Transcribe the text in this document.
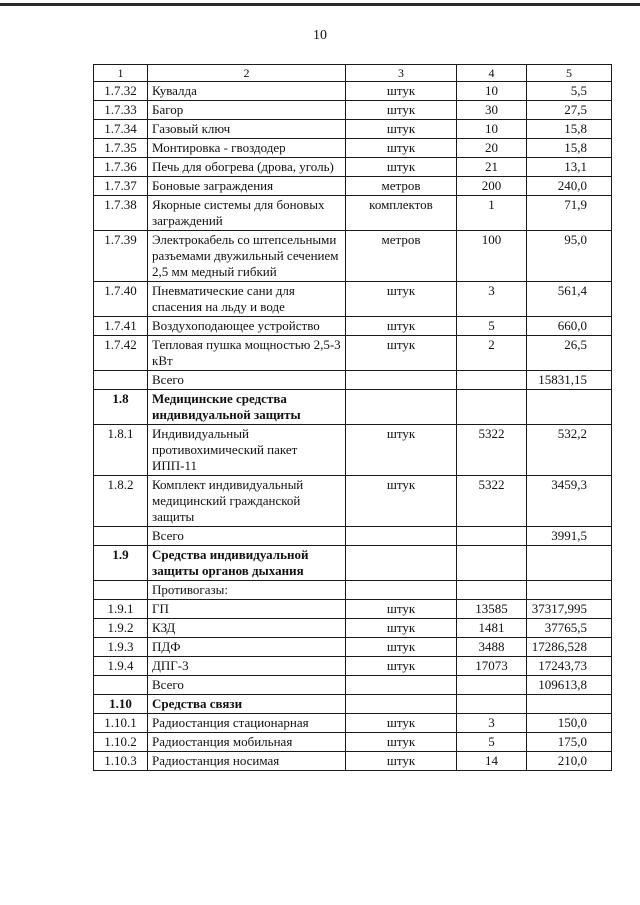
10
1	2	3	4	5
1.7.32	Кувалда	штук	10	5,5
1.7.33	Багор	штук	30	27,5
1.7.34	Газовый ключ	штук	10	15,8
1.7.35	Монтировка - гвоздодер	штук	20	15,8
1.7.36	Печь для обогрева (дрова, уголь)	штук	21	13,1
1.7.37	Боновые заграждения	метров	200	240,0
1.7.38	Якорные системы для боновых заграждений	комплектов	1	71,9
1.7.39	Электрокабель со штепсельными разъемами двужильный сечением 2,5 мм медный гибкий	метров	100	95,0
1.7.40	Пневматические сани для спасения на льду и воде	штук	3	561,4
1.7.41	Воздухоподающее устройство	штук	5	660,0
1.7.42	Тепловая пушка мощностью 2,5-3 кВт	штук	2	26,5
	Всего			15831,15
1.8	Медицинские средства индивидуальной защиты			
1.8.1	Индивидуальный противохимический пакет ИПП-11	штук	5322	532,2
1.8.2	Комплект индивидуальный медицинский гражданской защиты	штук	5322	3459,3
	Всего			3991,5
1.9	Средства индивидуальной защиты органов дыхания			
	Противогазы:			
1.9.1	ГП	штук	13585	37317,995
1.9.2	КЗД	штук	1481	37765,5
1.9.3	ПДФ	штук	3488	17286,528
1.9.4	ДПГ-3	штук	17073	17243,73
	Всего			109613,8
1.10	Средства связи			
1.10.1	Радиостанция стационарная	штук	3	150,0
1.10.2	Радиостанция мобильная	штук	5	175,0
1.10.3	Радиостанция носимая	штук	14	210,0
